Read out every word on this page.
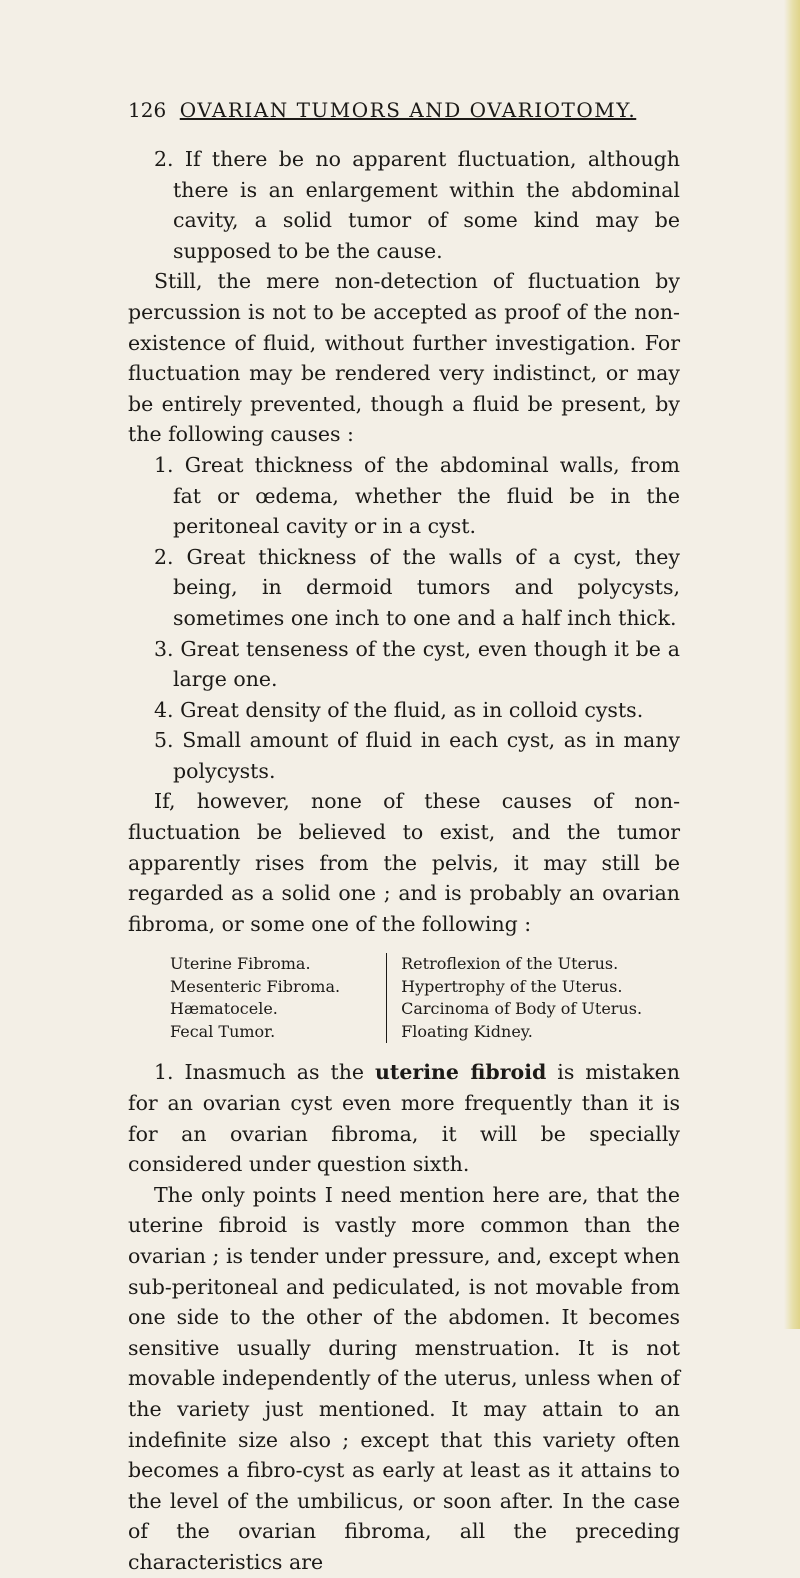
126 OVARIAN TUMORS AND OVARIOTOMY.

2. If there be no apparent fluctuation, although there is an enlargement within the abdominal cavity, a solid tumor of some kind may be supposed to be the cause.

Still, the mere non-detection of fluctuation by percussion is not to be accepted as proof of the non-existence of fluid, without further investigation. For fluctuation may be rendered very indistinct, or may be entirely prevented, though a fluid be present, by the following causes :

1. Great thickness of the abdominal walls, from fat or œdema, whether the fluid be in the peritoneal cavity or in a cyst.

2. Great thickness of the walls of a cyst, they being, in dermoid tumors and polycysts, sometimes one inch to one and a half inch thick.

3. Great tenseness of the cyst, even though it be a large one.

4. Great density of the fluid, as in colloid cysts.

5. Small amount of fluid in each cyst, as in many polycysts.

If, however, none of these causes of non-fluctuation be believed to exist, and the tumor apparently rises from the pelvis, it may still be regarded as a solid one ; and is probably an ovarian fibroma, or some one of the following :

Uterine Fibroma.
Mesenteric Fibroma.
Hæmatocele.
Fecal Tumor.
Retroflexion of the Uterus.
Hypertrophy of the Uterus.
Carcinoma of Body of Uterus.
Floating Kidney.

1. Inasmuch as the uterine fibroid is mistaken for an ovarian cyst even more frequently than it is for an ovarian fibroma, it will be specially considered under question sixth.

The only points I need mention here are, that the uterine fibroid is vastly more common than the ovarian ; is tender under pressure, and, except when sub-peritoneal and pediculated, is not movable from one side to the other of the abdomen. It becomes sensitive usually during menstruation. It is not movable independently of the uterus, unless when of the variety just mentioned. It may attain to an indefinite size also ; except that this variety often becomes a fibro-cyst as early at least as it attains to the level of the umbilicus, or soon after. In the case of the ovarian fibroma, all the preceding characteristics are
